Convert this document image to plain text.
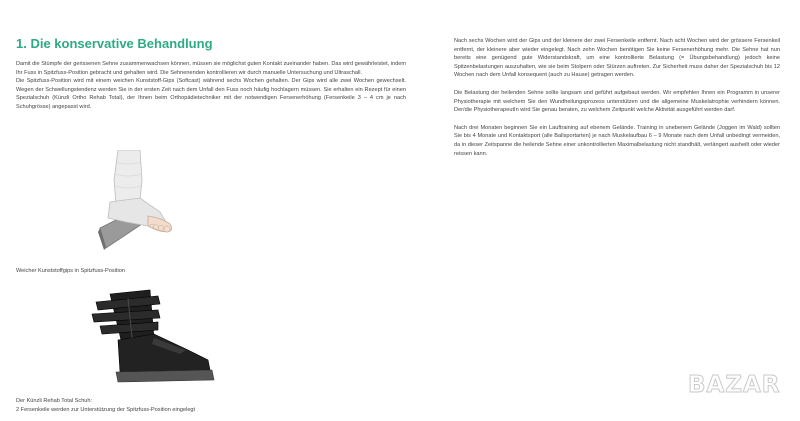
1. Die konservative Behandlung

Damit die Stümpfe der gerissenen Sehne zusammenwachsen können, müssen sie möglichst guten Kontakt zueinander haben. Das wird gewährleistet, indem Ihr Fuss in Spitzfuss-Position gebracht und gehalten wird. Die Sehnenenden kontrollieren wir durch manuelle Untersuchung und Ultraschall.

Die Spitzfuss-Position wird mit einem weichen Kunststoff-Gips (Softcast) während sechs Wochen gehalten. Der Gips wird alle zwei Wochen gewechselt. Wegen der Schwellungstendenz werden Sie in der ersten Zeit nach dem Unfall den Fuss noch häufig hochlagern müssen. Sie erhalten ein Rezept für einen Spezialschuh (Künzli Ortho Rehab Total), der Ihnen beim Orthopädietechniker mit der notwendigen Fersenerhöhung (Fersenkeile 3 – 4 cm je nach Schuhgrösse) angepasst wird.

Weicher Kunststoffgips in Spitzfuss-Position
Der Künzli Rehab Total Schuh:
2 Fersenkeile werden zur Unterstützung der Spitzfuss-Position eingelegt

Nach sechs Wochen wird der Gips und der kleinere der zwei Fersenkeile entfernt. Nach acht Wochen wird der grössere Fersenkeil entfernt, der kleinere aber wieder eingelegt. Nach zehn Wochen benötigen Sie keine Fersenerhöhung mehr. Die Sehne hat nun bereits eine genügend gute Widerstandskraft, um eine kontrollierte Belastung (= Übungsbehandlung) jedoch keine Spitzenbelastungen auszuhalten, wie sie beim Stolpern oder Stürzen auftreten. Zur Sicherheit muss daher der Spezialschuh bis 12 Wochen nach dem Unfall konsequent (auch zu Hause) getragen werden.

Die Belastung der heilenden Sehne sollte langsam und geführt aufgebaut werden. Wir empfehlen Ihnen ein Programm in unserer Physiotherapie mit welchem Sie den Wundheilungsprozess unterstützen und die allgemeine Muskelatrophie verhindern können. Der/die PhysiotherapeutIn wird Sie genau beraten, zu welchem Zeitpunkt welche Aktivität ausgeführt werden darf.

Nach drei Monaten beginnen Sie ein Lauftraining auf ebenem Gelände. Training in unebenem Gelände (Joggen im Wald) sollten Sie bis 4 Monate und Kontaktsport (alle Ballsportarten) je nach Muskelaufbau 6 – 9 Monate nach dem Unfall unbedingt vermeiden, da in dieser Zeitspanne die heilende Sehne einer unkontrollierten Maximalbelastung nicht standhält, verlängert ausheilt oder wieder reissen kann.

BAZAR
